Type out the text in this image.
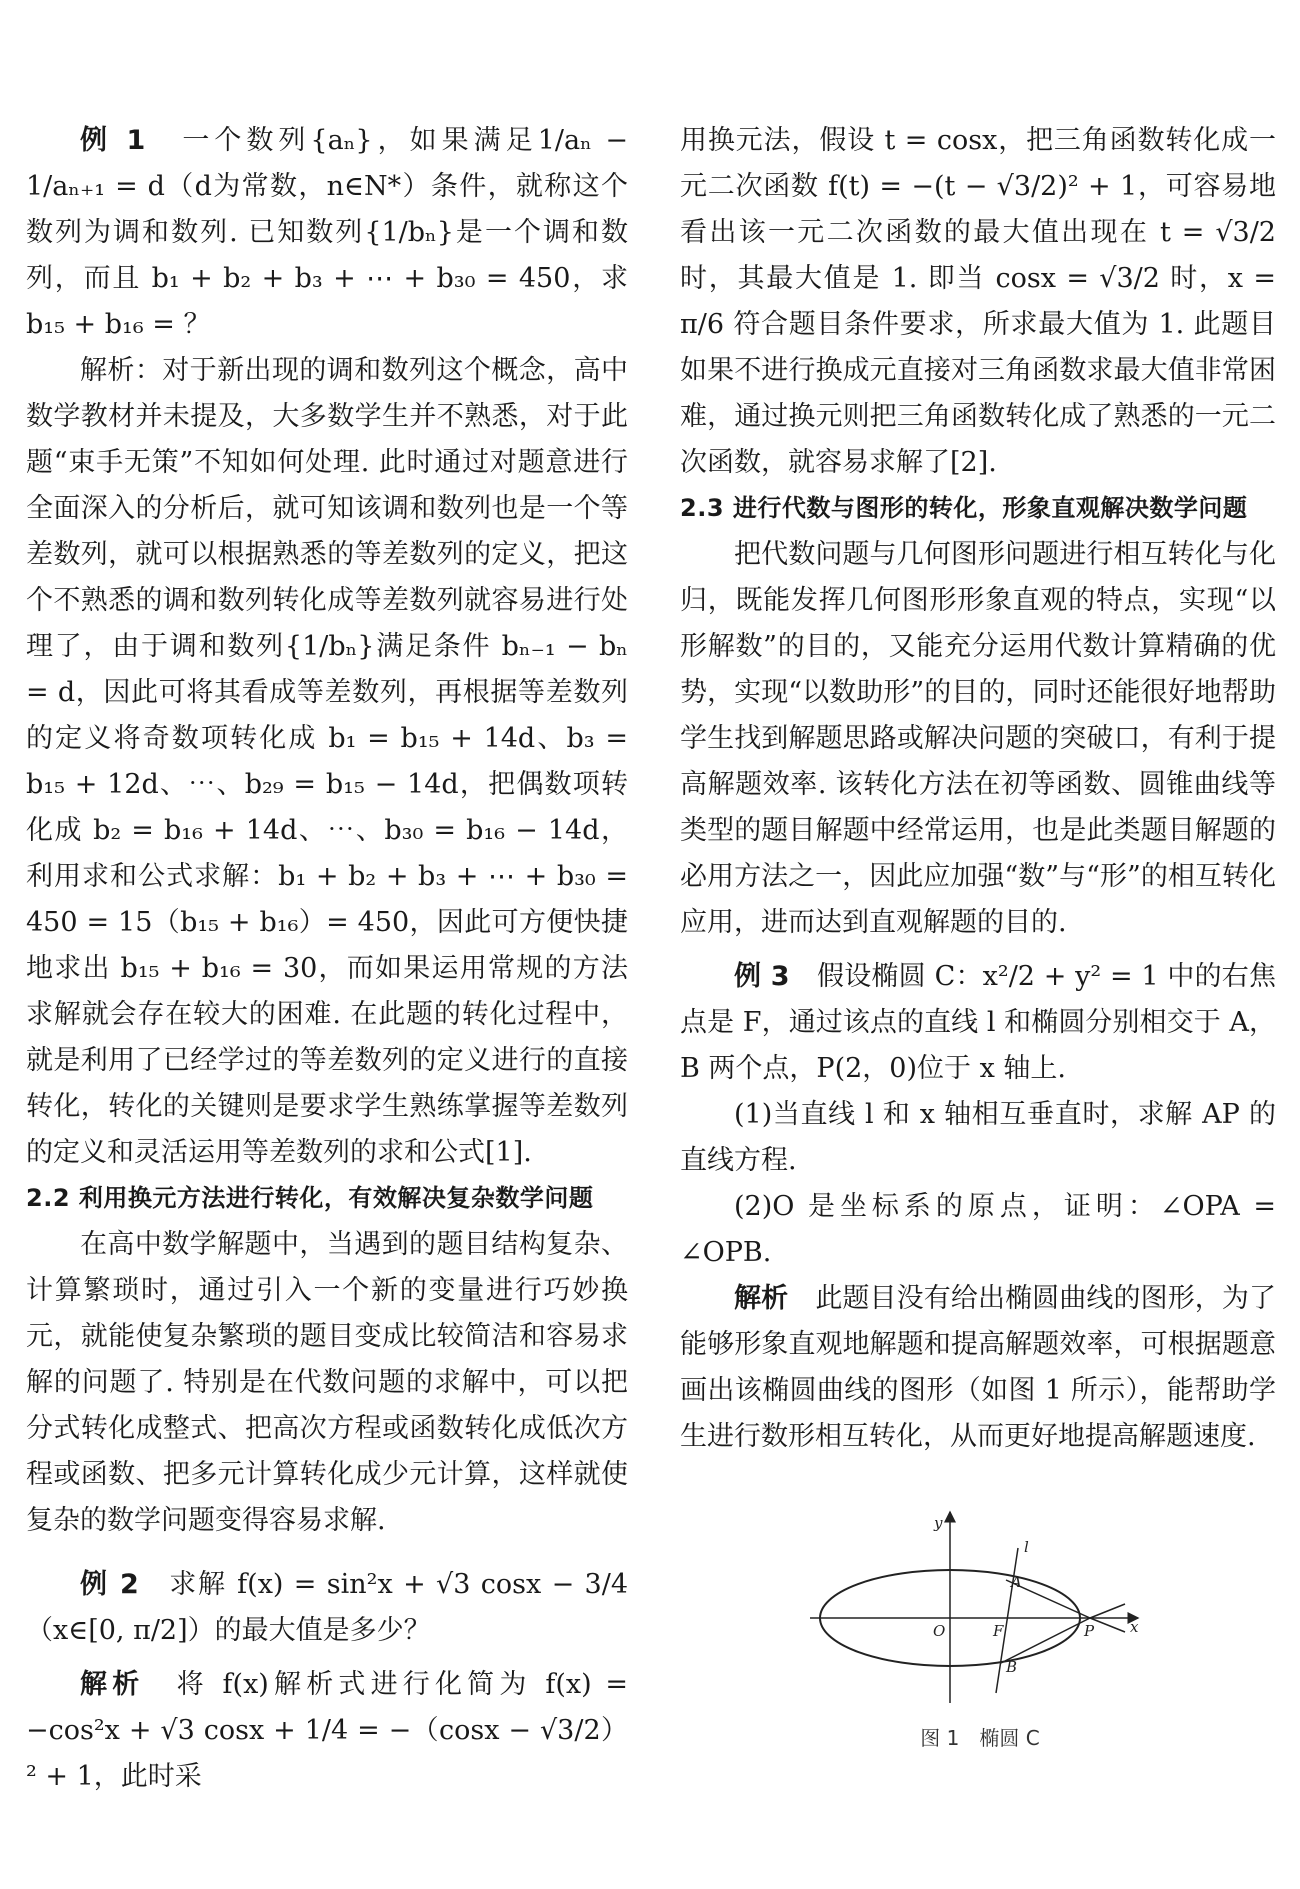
例 1　 一个数列{aₙ}，如果满足1/aₙ − 1/aₙ₊₁ = d（d为常数，n∈N*）条件，就称这个数列为调和数列. 已知数列{1/bₙ}是一个调和数列，而且 b₁ + b₂ + b₃ + ⋯ + b₃₀ = 450，求 b₁₅ + b₁₆ = ？

解析：对于新出现的调和数列这个概念，高中数学教材并未提及，大多数学生并不熟悉，对于此题“束手无策”不知如何处理. 此时通过对题意进行全面深入的分析后，就可知该调和数列也是一个等差数列，就可以根据熟悉的等差数列的定义，把这个不熟悉的调和数列转化成等差数列就容易进行处理了，由于调和数列{1/bₙ}满足条件 bₙ₋₁ − bₙ = d，因此可将其看成等差数列，再根据等差数列的定义将奇数项转化成 b₁ = b₁₅ + 14d、b₃ = b₁₅ + 12d、⋯、b₂₉ = b₁₅ − 14d，把偶数项转化成 b₂ = b₁₆ + 14d、⋯、b₃₀ = b₁₆ − 14d，利用求和公式求解：b₁ + b₂ + b₃ + ⋯ + b₃₀ = 450 = 15（b₁₅ + b₁₆）= 450，因此可方便快捷地求出 b₁₅ + b₁₆ = 30，而如果运用常规的方法求解就会存在较大的困难. 在此题的转化过程中，就是利用了已经学过的等差数列的定义进行的直接转化，转化的关键则是要求学生熟练掌握等差数列的定义和灵活运用等差数列的求和公式[1].

2.2 利用换元方法进行转化，有效解决复杂数学问题

在高中数学解题中，当遇到的题目结构复杂、计算繁琐时，通过引入一个新的变量进行巧妙换元，就能使复杂繁琐的题目变成比较简洁和容易求解的问题了. 特别是在代数问题的求解中，可以把分式转化成整式、把高次方程或函数转化成低次方程或函数、把多元计算转化成少元计算，这样就使复杂的数学问题变得容易求解.

例 2　 求解 f(x) = sin²x + √3 cosx − 3/4（x∈[0, π/2]）的最大值是多少？

解析　 将 f(x)解析式进行化简为 f(x) = −cos²x + √3 cosx + 1/4 = −（cosx − √3/2）² + 1，此时采

用换元法，假设 t = cosx，把三角函数转化成一元二次函数 f(t) = −(t − √3/2)² + 1，可容易地看出该一元二次函数的最大值出现在 t = √3/2 时，其最大值是 1. 即当 cosx = √3/2 时，x = π/6 符合题目条件要求，所求最大值为 1. 此题目如果不进行换成元直接对三角函数求最大值非常困难，通过换元则把三角函数转化成了熟悉的一元二次函数，就容易求解了[2].

2.3 进行代数与图形的转化，形象直观解决数学问题

把代数问题与几何图形问题进行相互转化与化归，既能发挥几何图形形象直观的特点，实现“以形解数”的目的，又能充分运用代数计算精确的优势，实现“以数助形”的目的，同时还能很好地帮助学生找到解题思路或解决问题的突破口，有利于提高解题效率. 该转化方法在初等函数、圆锥曲线等类型的题目解题中经常运用，也是此类题目解题的必用方法之一，因此应加强“数”与“形”的相互转化应用，进而达到直观解题的目的.

例 3　 假设椭圆 C：x²/2 + y² = 1 中的右焦点是 F，通过该点的直线 l 和椭圆分别相交于 A，B 两个点，P(2，0)位于 x 轴上.

(1)当直线 l 和 x 轴相互垂直时，求解 AP 的直线方程.

(2)O 是坐标系的原点，证明：∠OPA = ∠OPB.

解析　 此题目没有给出椭圆曲线的图形，为了能够形象直观地解题和提高解题效率，可根据题意画出该椭圆曲线的图形（如图 1 所示），能帮助学生进行数形相互转化，从而更好地提高解题速度.

y
x
l
A
B
O	F	P
图 1　椭圆 C
